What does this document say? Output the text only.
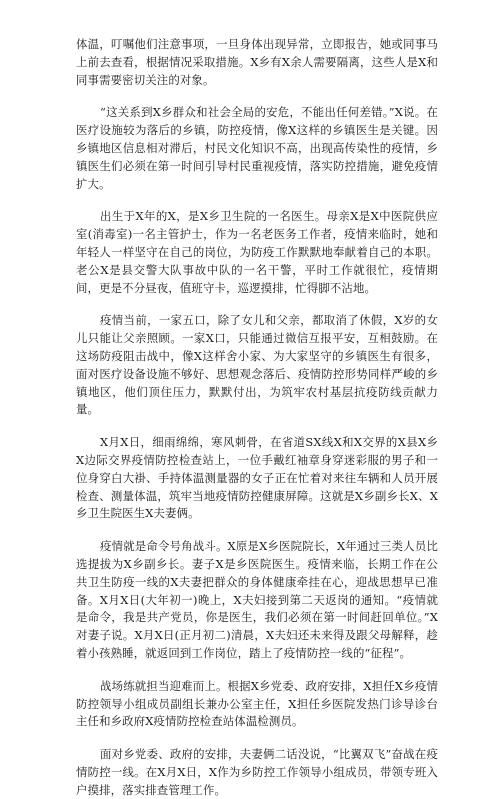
体温，叮嘱他们注意事项，一旦身体出现异常，立即报告，她或同事马上前去查看，根据情况采取措施。X乡有X余人需要隔离，这些人是X和同事需要密切关注的对象。

“这关系到X乡群众和社会全局的安危，不能出任何差错。”X说。在医疗设施较为落后的乡镇，防控疫情，像X这样的乡镇医生是关键。因乡镇地区信息相对滞后，村民文化知识不高，出现高传染性的疫情，乡镇医生们必须在第一时间引导村民重视疫情，落实防控措施，避免疫情扩大。

出生于X年的X，是X乡卫生院的一名医生。母亲X是X中医院供应室(消毒室)一名主管护士，作为一名老医务工作者，疫情来临时，她和年轻人一样坚守在自己的岗位，为防疫工作默默地奉献着自己的本职。老公X是县交警大队事故中队的一名干警，平时工作就很忙，疫情期间，更是不分昼夜，值班守卡，巡逻摸排，忙得脚不沾地。

疫情当前，一家五口，除了女儿和父亲，都取消了休假，X岁的女儿只能让父亲照顾。一家X口，只能通过微信互报平安，互相鼓励。在这场防疫阻击战中，像X这样舍小家、为大家坚守的乡镇医生有很多，面对医疗设备设施不够好、思想观念落后、疫情防控形势同样严峻的乡镇地区，他们顶住压力，默默付出，为筑牢农村基层抗疫防线贡献力量。

X月X日，细雨绵绵，寒风刺骨，在省道SX线X和X交界的X县X乡X边际交界疫情防控检查站上，一位手戴红袖章身穿迷彩服的男子和一位身穿白大褂、手持体温测量器的女子正在忙着对来往车辆和人员开展检查、测量体温，筑牢当地疫情防控健康屏障。这就是X乡副乡长X、X乡卫生院医生X夫妻俩。

疫情就是命令号角战斗。X原是X乡医院院长，X年通过三类人员比选提拔为X乡副乡长。妻子X是乡医院医生。疫情来临，长期工作在公共卫生防疫一线的X夫妻把群众的身体健康牵挂在心，迎战思想早已准备。X月X日(大年初一)晚上，X夫妇接到第二天返岗的通知。“疫情就是命令，我是共产党员，你是医生，我们必须在第一时间赶回单位。”X对妻子说。X月X日(正月初二)清晨，X夫妇还未来得及跟父母解释，趁着小孩熟睡，就返回到工作岗位，踏上了疫情防控一线的“征程”。

战场练就担当迎难而上。根据X乡党委、政府安排，X担任X乡疫情防控领导小组成员副组长兼办公室主任，X担任乡医院发热门诊导诊台主任和乡政府X疫情防控检查站体温检测员。

面对乡党委、政府的安排，夫妻俩二话没说，“比翼双飞”奋战在疫情防控一线。在X月X日，X作为乡防控工作领导小组成员，带领专班入户摸排，落实排查管理工作。
